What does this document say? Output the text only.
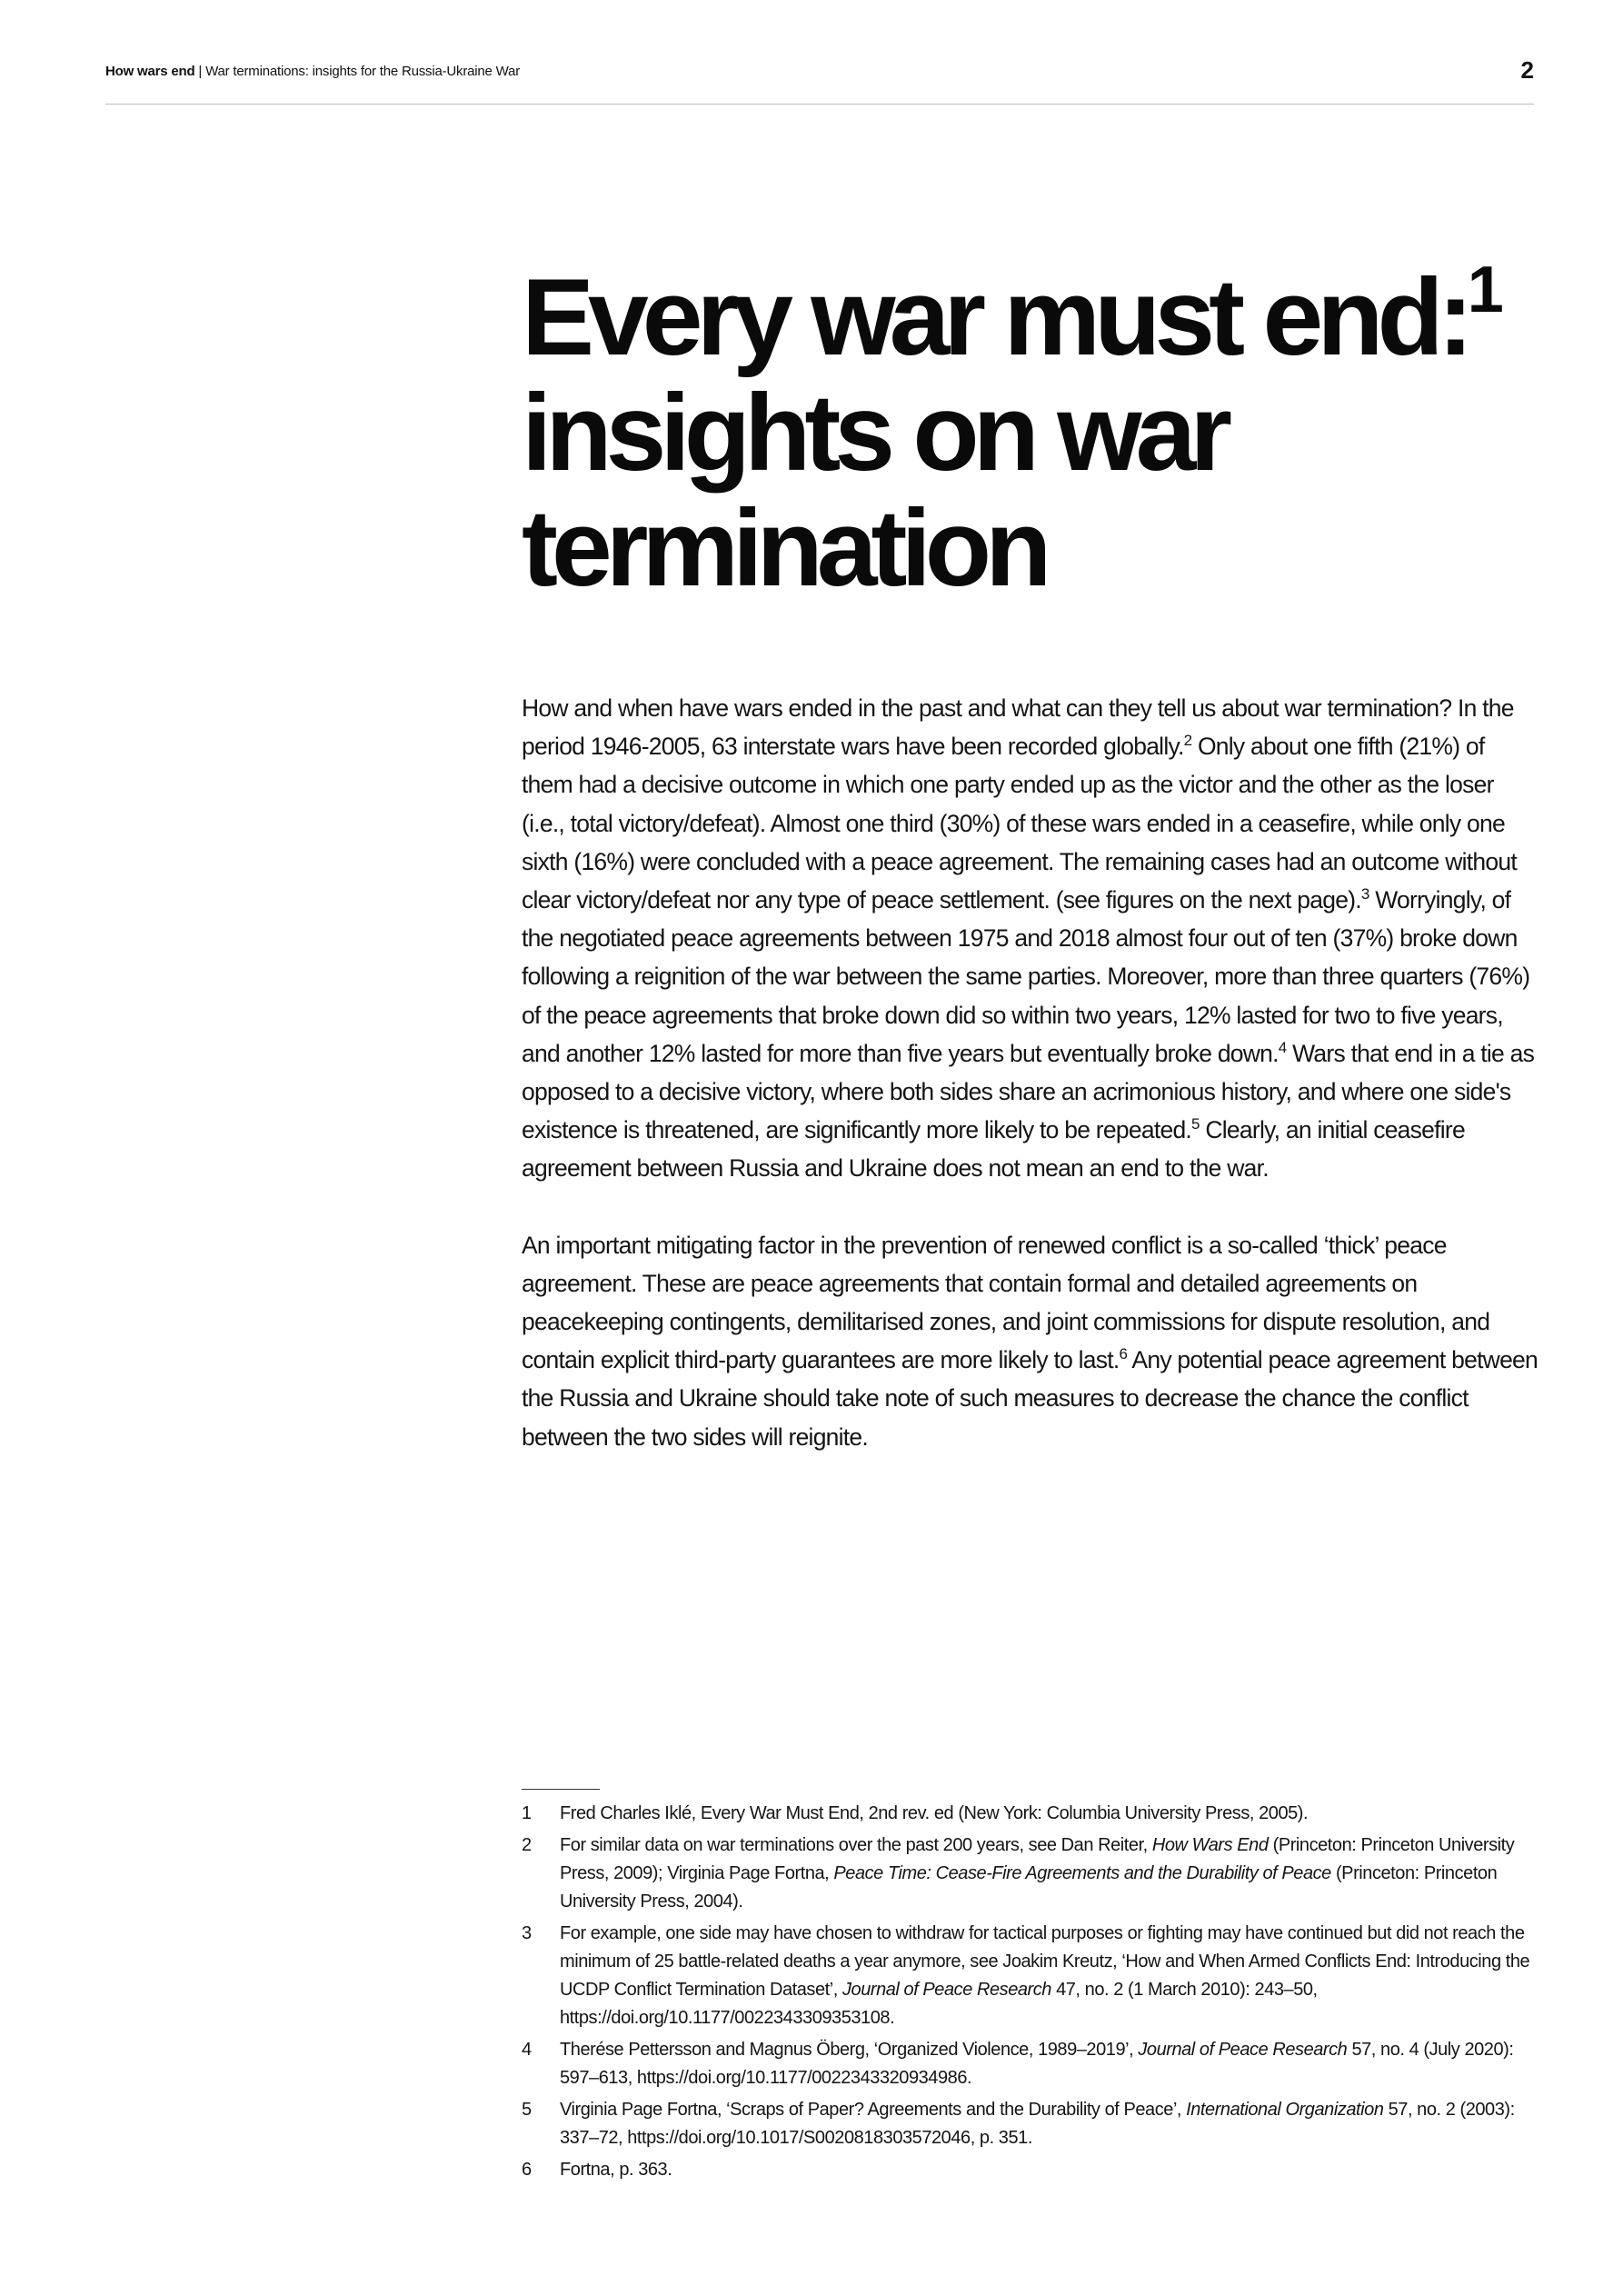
How wars end | War terminations: insights for the Russia-Ukraine War	2
Every war must end:$^1$
insights on war
termination

How and when have wars ended in the past and what can they tell us about war termination? In the period 1946-2005, 63 interstate wars have been recorded globally.$^2$ Only about one fifth (21%) of them had a decisive outcome in which one party ended up as the victor and the other as the loser (i.e., total victory/defeat). Almost one third (30%) of these wars ended in a ceasefire, while only one sixth (16%) were concluded with a peace agreement. The remaining cases had an outcome without clear victory/defeat nor any type of peace settlement. (see figures on the next page).$^3$ Worryingly, of the negotiated peace agreements between 1975 and 2018 almost four out of ten (37%) broke down following a reignition of the war between the same parties. Moreover, more than three quarters (76%) of the peace agreements that broke down did so within two years, 12% lasted for two to five years, and another 12% lasted for more than five years but eventually broke down.$^4$ Wars that end in a tie as opposed to a decisive victory, where both sides share an acrimonious history, and where one side's existence is threatened, are significantly more likely to be repeated.$^5$ Clearly, an initial ceasefire agreement between Russia and Ukraine does not mean an end to the war.

An important mitigating factor in the prevention of renewed conflict is a so-called ‘thick’ peace agreement. These are peace agreements that contain formal and detailed agreements on peacekeeping contingents, demilitarised zones, and joint commissions for dispute resolution, and contain explicit third-party guarantees are more likely to last.$^6$ Any potential peace agreement between the Russia and Ukraine should take note of such measures to decrease the chance the conflict between the two sides will reignite.

1	Fred Charles Iklé, Every War Must End, 2nd rev. ed (New York: Columbia University Press, 2005).
2	For similar data on war terminations over the past 200 years, see Dan Reiter, How Wars End (Princeton: Princeton University Press, 2009); Virginia Page Fortna, Peace Time: Cease-Fire Agreements and the Durability of Peace (Princeton: Princeton University Press, 2004).
3	For example, one side may have chosen to withdraw for tactical purposes or fighting may have continued but did not reach the minimum of 25 battle-related deaths a year anymore, see Joakim Kreutz, ‘How and When Armed Conflicts End: Introducing the UCDP Conflict Termination Dataset’, Journal of Peace Research 47, no. 2 (1 March 2010): 243–50, https://doi.org/10.1177/0022343309353108.
4	Therése Pettersson and Magnus Öberg, ‘Organized Violence, 1989–2019’, Journal of Peace Research 57, no. 4 (July 2020): 597–613, https://doi.org/10.1177/0022343320934986.
5	Virginia Page Fortna, ‘Scraps of Paper? Agreements and the Durability of Peace’, International Organization 57, no. 2 (2003): 337–72, https://doi.org/10.1017/S0020818303572046, p. 351.
6	Fortna, p. 363.
